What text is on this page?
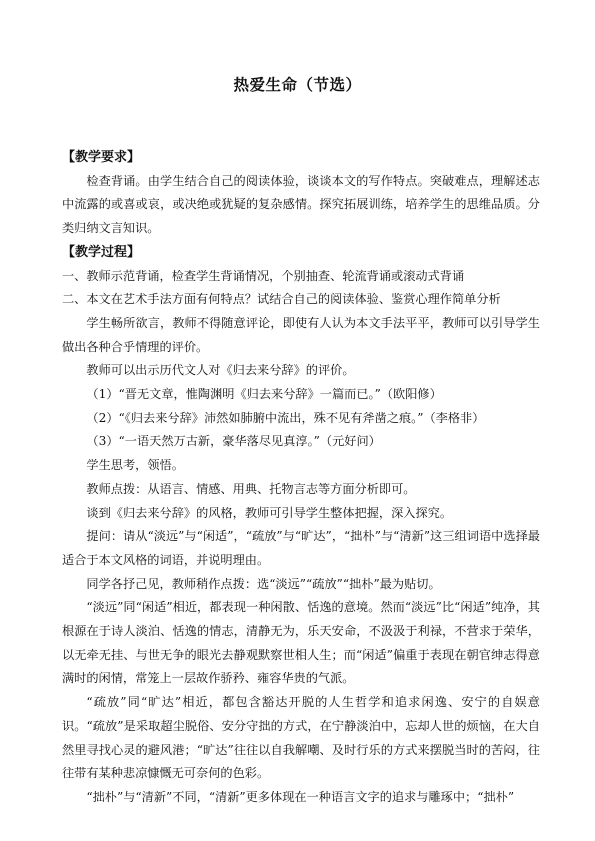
热爱生命（节选）

【教学要求】

检查背诵。由学生结合自己的阅读体验，谈谈本文的写作特点。突破难点，理解述志中流露的或喜或哀，或决绝或犹疑的复杂感情。探究拓展训练，培养学生的思维品质。分类归纳文言知识。

【教学过程】

一、教师示范背诵，检查学生背诵情况，个别抽查、轮流背诵或滚动式背诵

二、本文在艺术手法方面有何特点？试结合自己的阅读体验、鉴赏心理作简单分析

学生畅所欲言，教师不得随意评论，即使有人认为本文手法平平，教师可以引导学生做出各种合乎情理的评价。

教师可以出示历代文人对《归去来兮辞》的评价。

（1）“晋无文章，惟陶渊明《归去来兮辞》一篇而已。”（欧阳修）

（2）“《归去来兮辞》沛然如肺腑中流出，殊不见有斧凿之痕。”（李格非）

（3）“一语天然万古新，豪华落尽见真淳。”（元好问）

学生思考，领悟。

教师点拨：从语言、情感、用典、托物言志等方面分析即可。

谈到《归去来兮辞》的风格，教师可引导学生整体把握，深入探究。

提问：请从“淡远”与“闲适”，“疏放”与“旷达”，“拙朴”与“清新”这三组词语中选择最适合于本文风格的词语，并说明理由。

同学各抒己见，教师稍作点拨：选“淡远”“疏放”“拙朴”最为贴切。

“淡远”同“闲适”相近，都表现一种闲散、恬逸的意境。然而“淡远”比“闲适”纯净，其根源在于诗人淡泊、恬逸的情志，清静无为，乐天安命，不汲汲于利禄，不营求于荣华，以无牵无挂、与世无争的眼光去静观默察世相人生；而“闲适”偏重于表现在朝官绅志得意满时的闲情，常笼上一层故作骄矜、雍容华贵的气派。

“疏放”同“旷达”相近，都包含豁达开脱的人生哲学和追求闲逸、安宁的自娱意识。“疏放”是采取超尘脱俗、安分守拙的方式，在宁静淡泊中，忘却人世的烦恼，在大自然里寻找心灵的避风港；“旷达”往往以自我解嘲、及时行乐的方式来摆脱当时的苦闷，往往带有某种悲凉慷慨无可奈何的色彩。

“拙朴”与“清新”不同，“清新”更多体现在一种语言文字的追求与雕琢中；“拙朴”
